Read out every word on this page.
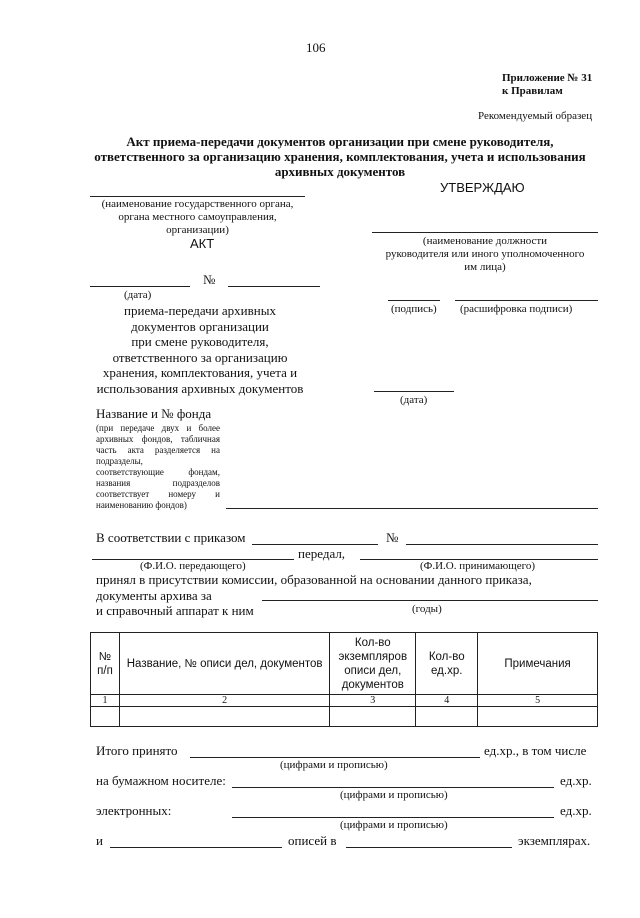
106
Приложение № 31
к Правилам
Рекомендуемый образец
Акт приема-передачи документов организации при смене руководителя,
ответственного за организацию хранения, комплектования, учета и использования
архивных документов
УТВЕРЖДАЮ
(наименование государственного органа,
органа местного самоуправления,
организации)
АКТ	(наименование должности
руководителя или иного уполномоченного
им лица)
№
(дата)
(подпись) (расшифровка подписи)
приема-передачи архивных
документов организации
при смене руководителя,
ответственного за организацию
хранения, комплектования, учета и
использования архивных документов
(дата)
Название и № фонда
(при передаче двух и более
архивных фондов, табличная
часть акта разделяется на
подразделы,
соответствующие фондам,
названия подразделов
соответствует номеру и
наименованию фондов)
В соответствии с приказом	№
передал,
(Ф.И.О. передающего)	(Ф.И.О. принимающего)
принял в присутствии комиссии, образованной на основании данного приказа,
документы архива за
и справочный аппарат к ним	(годы)
№ п/п	Название, № описи дел, документов	Кол-во экземпляров описи дел, документов	Кол-во ед.хр.	Примечания
1	2	3	4	5

Итого принято	ед.хр., в том числе
(цифрами и прописью)
на бумажном носителе:	ед.хр.
(цифрами и прописью)
электронных:	ед.хр.
(цифрами и прописью)
и	описей в	экземплярах.
